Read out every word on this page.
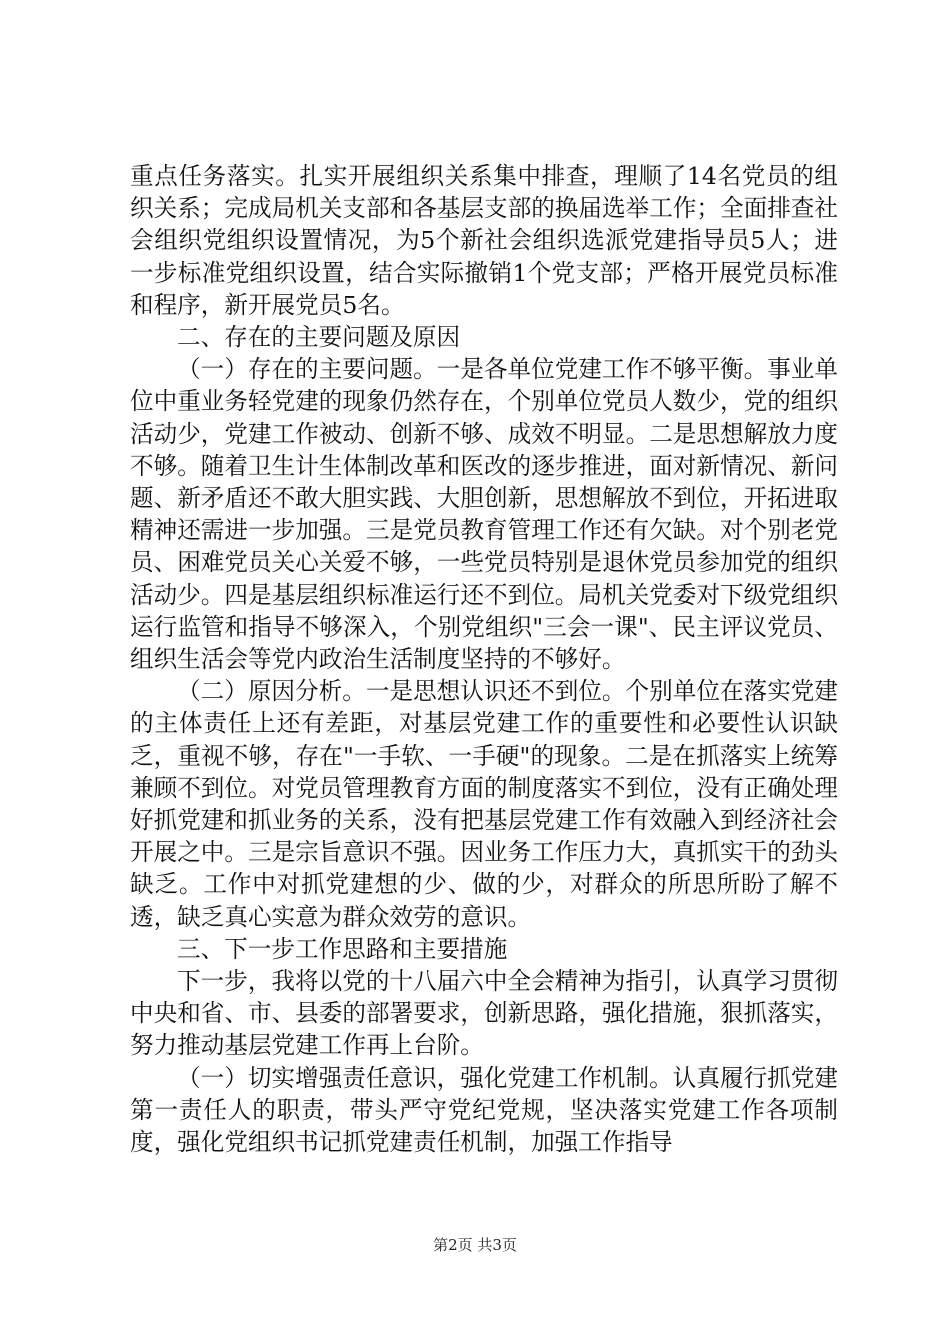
重点任务落实。扎实开展组织关系集中排查，理顺了14名党员的组织关系；完成局机关支部和各基层支部的换届选举工作；全面排查社会组织党组织设置情况，为5个新社会组织选派党建指导员5人；进一步标准党组织设置，结合实际撤销1个党支部；严格开展党员标准和程序，新开展党员5名。

二、存在的主要问题及原因

（一）存在的主要问题。一是各单位党建工作不够平衡。事业单位中重业务轻党建的现象仍然存在，个别单位党员人数少，党的组织活动少，党建工作被动、创新不够、成效不明显。二是思想解放力度不够。随着卫生计生体制改革和医改的逐步推进，面对新情况、新问题、新矛盾还不敢大胆实践、大胆创新，思想解放不到位，开拓进取精神还需进一步加强。三是党员教育管理工作还有欠缺。对个别老党员、困难党员关心关爱不够，一些党员特别是退休党员参加党的组织活动少。四是基层组织标准运行还不到位。局机关党委对下级党组织运行监管和指导不够深入，个别党组织"三会一课"、民主评议党员、组织生活会等党内政治生活制度坚持的不够好。

（二）原因分析。一是思想认识还不到位。个别单位在落实党建的主体责任上还有差距，对基层党建工作的重要性和必要性认识缺乏，重视不够，存在"一手软、一手硬"的现象。二是在抓落实上统筹兼顾不到位。对党员管理教育方面的制度落实不到位，没有正确处理好抓党建和抓业务的关系，没有把基层党建工作有效融入到经济社会开展之中。三是宗旨意识不强。因业务工作压力大，真抓实干的劲头缺乏。工作中对抓党建想的少、做的少，对群众的所思所盼了解不透，缺乏真心实意为群众效劳的意识。

三、下一步工作思路和主要措施

下一步，我将以党的十八届六中全会精神为指引，认真学习贯彻中央和省、市、县委的部署要求，创新思路，强化措施，狠抓落实，努力推动基层党建工作再上台阶。

（一）切实增强责任意识，强化党建工作机制。认真履行抓党建第一责任人的职责，带头严守党纪党规，坚决落实党建工作各项制度，强化党组织书记抓党建责任机制，加强工作指导

第2页 共3页
